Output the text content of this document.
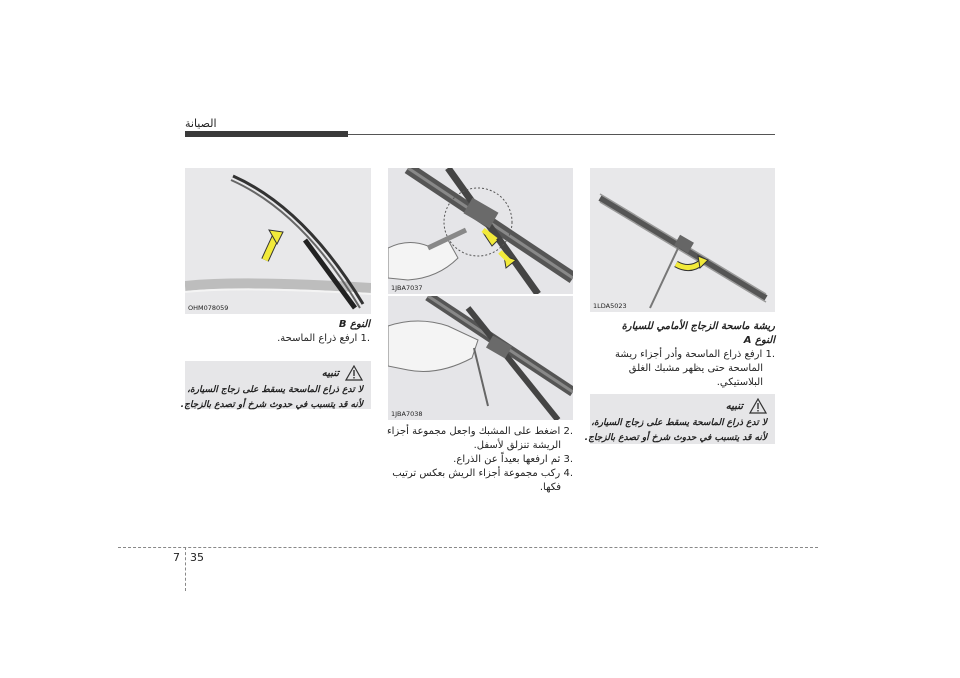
الصيانة
OHM078059
1JBA7037
1JBA7038
1LDA5023
النوع B
.1 ارفع ذراع الماسحة.
تنبيه
لا تدع ذراع الماسحة يسقط على زجاج السيارة،
لأنه قد يتسبب في حدوث شرخ أو تصدع بالزجاج.
.2 اضغط على المشبك واجعل مجموعة أجزاء
الريشة تنزلق لأسفل.
.3 ثم ارفعها بعيداً عن الذراع.
.4 ركب مجموعة أجزاء الريش بعكس ترتيب
فكها.
ريشة ماسحة الزجاج الأمامي للسيارة
النوع A
.1 ارفع ذراع الماسحة وأدر أجزاء ريشة
الماسحة حتى يظهر مشبك الغلق
البلاستيكي.
تنبيه
لا تدع ذراع الماسحة يسقط على زجاج السيارة،
لأنه قد يتسبب في حدوث شرخ أو تصدع بالزجاج.
7 35
